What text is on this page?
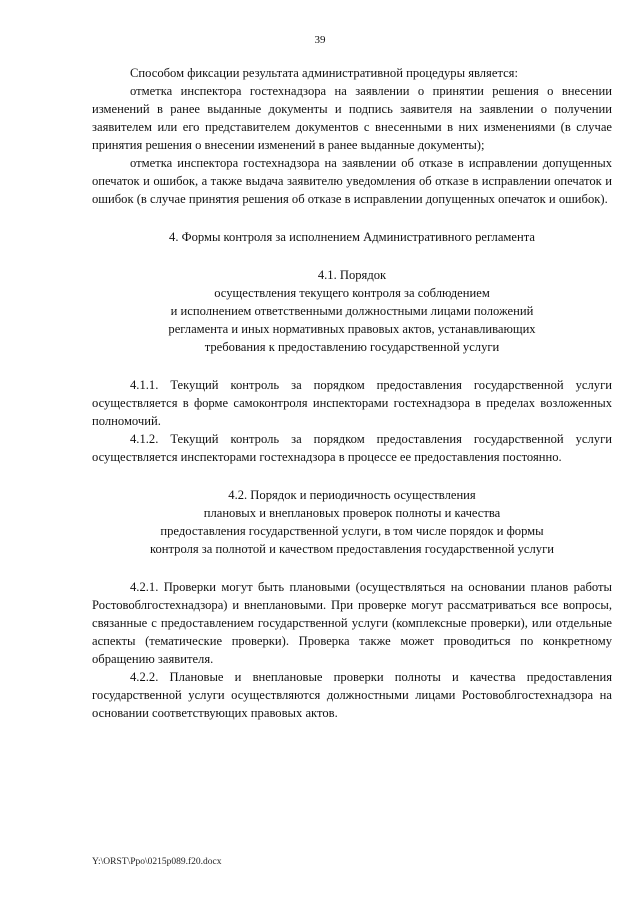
39

Способом фиксации результата административной процедуры является:

отметка инспектора гостехнадзора на заявлении о принятии решения о внесении изменений в ранее выданные документы и подпись заявителя на заявлении о получении заявителем или его представителем документов с внесенными в них изменениями (в случае принятия решения о внесении изменений в ранее выданные документы);

отметка инспектора гостехнадзора на заявлении об отказе в исправлении допущенных опечаток и ошибок, а также выдача заявителю уведомления об отказе в исправлении опечаток и ошибок (в случае принятия решения об отказе в исправлении допущенных опечаток и ошибок).

4. Формы контроля за исполнением Административного регламента

4.1. Порядок

осуществления текущего контроля за соблюдением

и исполнением ответственными должностными лицами положений

регламента и иных нормативных правовых актов, устанавливающих

требования к предоставлению государственной услуги

4.1.1. Текущий контроль за порядком предоставления государственной услуги осуществляется в форме самоконтроля инспекторами гостехнадзора в пределах возложенных полномочий.

4.1.2. Текущий контроль за порядком предоставления государственной услуги осуществляется инспекторами гостехнадзора в процессе ее предоставления постоянно.

4.2. Порядок и периодичность осуществления

плановых и внеплановых проверок полноты и качества

предоставления государственной услуги, в том числе порядок и формы

контроля за полнотой и качеством предоставления государственной услуги

4.2.1. Проверки могут быть плановыми (осуществляться на основании планов работы Ростовоблгостехнадзора) и внеплановыми. При проверке могут рассматриваться все вопросы, связанные с предоставлением государственной услуги (комплексные проверки), или отдельные аспекты (тематические проверки). Проверка также может проводиться по конкретному обращению заявителя.

4.2.2. Плановые и внеплановые проверки полноты и качества предоставления государственной услуги осуществляются должностными лицами Ростовоблгостехнадзора на основании соответствующих правовых актов.

Y:\ORST\Ppo\0215p089.f20.docx
